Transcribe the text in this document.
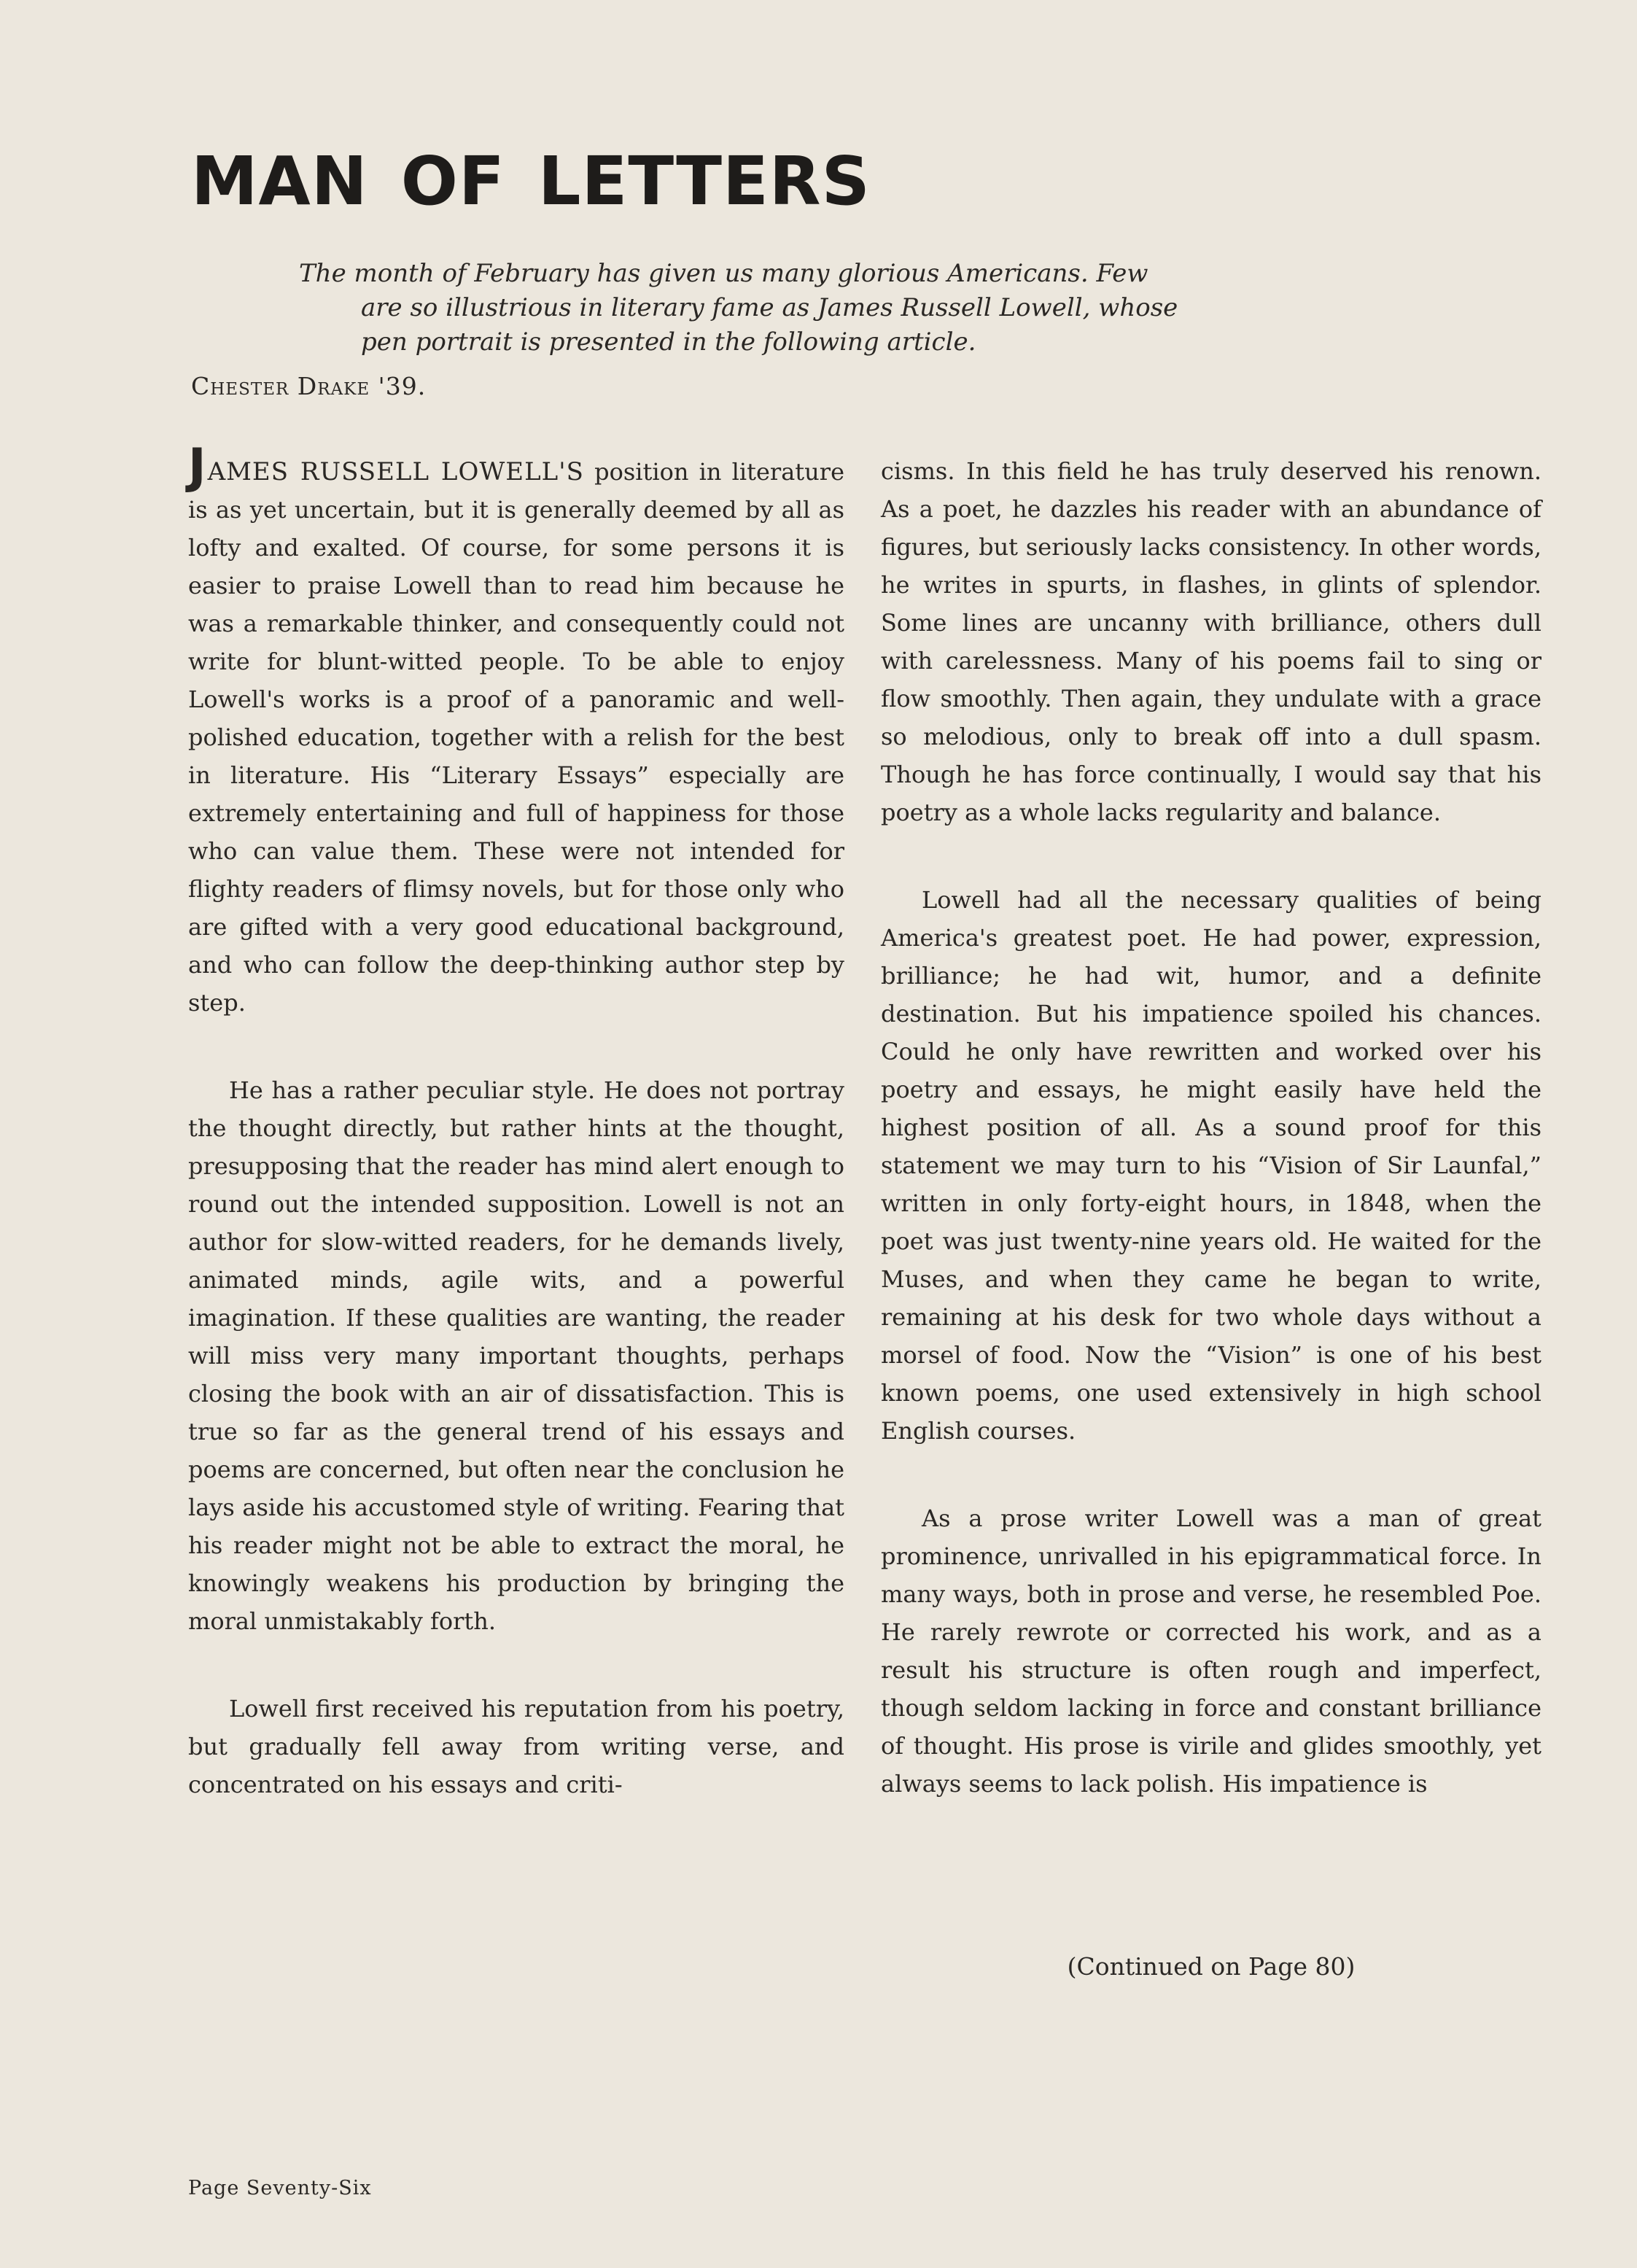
MAN OF LETTERS
The month of February has given us many glorious Americans. Few
are so illustrious in literary fame as James Russell Lowell, whose
pen portrait is presented in the following article.
Chester Drake '39.

JAMES RUSSELL LOWELL'S position in literature is as yet uncertain, but it is generally deemed by all as lofty and exalted. Of course, for some persons it is easier to praise Lowell than to read him because he was a remarkable thinker, and consequently could not write for blunt-witted people. To be able to enjoy Lowell's works is a proof of a panoramic and well-polished education, together with a relish for the best in literature. His “Literary Essays” especially are extremely entertaining and full of happiness for those who can value them. These were not intended for flighty readers of flimsy novels, but for those only who are gifted with a very good educational background, and who can follow the deep-thinking author step by step.

He has a rather peculiar style. He does not portray the thought directly, but rather hints at the thought, presupposing that the reader has mind alert enough to round out the intended supposition. Lowell is not an author for slow-witted readers, for he demands lively, animated minds, agile wits, and a powerful imagination. If these qualities are wanting, the reader will miss very many important thoughts, perhaps closing the book with an air of dissatisfaction. This is true so far as the general trend of his essays and poems are concerned, but often near the conclusion he lays aside his accustomed style of writing. Fearing that his reader might not be able to extract the moral, he knowingly weakens his production by bringing the moral unmistakably forth.

Lowell first received his reputation from his poetry, but gradually fell away from writing verse, and concentrated on his essays and criti-

cisms. In this field he has truly deserved his renown. As a poet, he dazzles his reader with an abundance of figures, but seriously lacks consistency. In other words, he writes in spurts, in flashes, in glints of splendor. Some lines are uncanny with brilliance, others dull with carelessness. Many of his poems fail to sing or flow smoothly. Then again, they undulate with a grace so melodious, only to break off into a dull spasm. Though he has force continually, I would say that his poetry as a whole lacks regularity and balance.

Lowell had all the necessary qualities of being America's greatest poet. He had power, expression, brilliance; he had wit, humor, and a definite destination. But his impatience spoiled his chances. Could he only have rewritten and worked over his poetry and essays, he might easily have held the highest position of all. As a sound proof for this statement we may turn to his “Vision of Sir Launfal,” written in only forty-eight hours, in 1848, when the poet was just twenty-nine years old. He waited for the Muses, and when they came he began to write, remaining at his desk for two whole days without a morsel of food. Now the “Vision” is one of his best known poems, one used extensively in high school English courses.

As a prose writer Lowell was a man of great prominence, unrivalled in his epigrammatical force. In many ways, both in prose and verse, he resembled Poe. He rarely rewrote or corrected his work, and as a result his structure is often rough and imperfect, though seldom lacking in force and constant brilliance of thought. His prose is virile and glides smoothly, yet always seems to lack polish. His impatience is

(Continued on Page 80)
Page Seventy-Six
